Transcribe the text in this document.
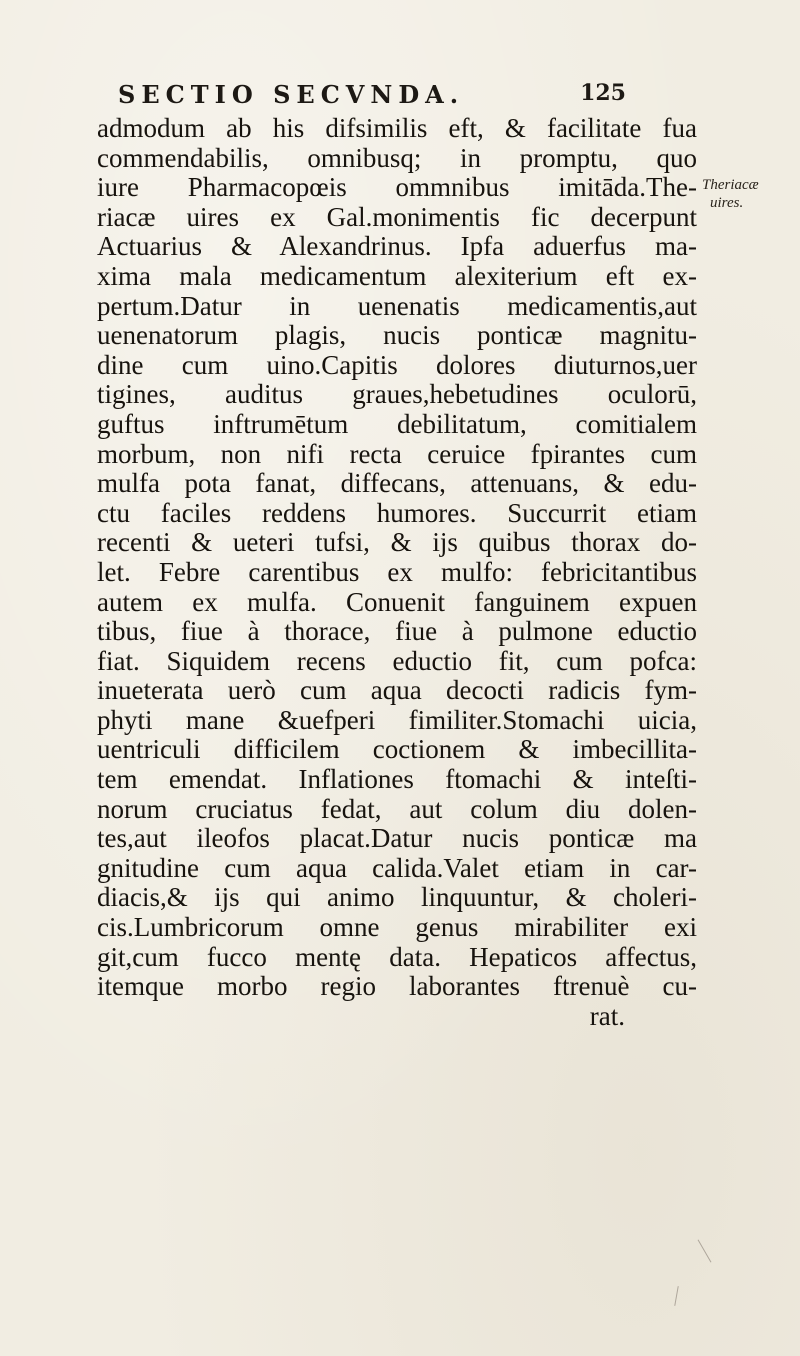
SECTIO SECVNDA.	125
Theriacæ
uires.
admodum ab his difsimilis eft, & facilitate fua
commendabilis, omnibusq; in promptu, quo
iure Pharmacopœis ommnibus imitāda.The-
riacæ uires ex Gal.monimentis fic decerpunt
Actuarius & Alexandrinus. Ipfa aduerfus ma-
xima mala medicamentum alexiterium eft ex-
pertum.Datur in uenenatis medicamentis,aut
uenenatorum plagis, nucis ponticæ magnitu-
dine cum uino.Capitis dolores diuturnos,uer
tigines, auditus graues,hebetudines oculorū,
guftus inftrumētum debilitatum, comitialem
morbum, non nifi recta ceruice fpirantes cum
mulfa pota fanat, diffecans, attenuans, & edu-
ctu faciles reddens humores. Succurrit etiam
recenti & ueteri tufsi, & ijs quibus thorax do-
let. Febre carentibus ex mulfo: febricitantibus
autem ex mulfa. Conuenit fanguinem expuen
tibus, fiue à thorace, fiue à pulmone eductio
fiat. Siquidem recens eductio fit, cum pofca:
inueterata uerò cum aqua decocti radicis fym-
phyti mane &uefperi fimiliter.Stomachi uicia,
uentriculi difficilem coctionem & imbecillita-
tem emendat. Inflationes ftomachi & inteſti-
norum cruciatus fedat, aut colum diu dolen-
tes,aut ileofos placat.Datur nucis ponticæ ma
gnitudine cum aqua calida.Valet etiam in car-
diacis,& ijs qui animo linquuntur, & choleri-
cis.Lumbricorum omne genus mirabiliter exi
git,cum fucco mentę data. Hepaticos affectus,
itemque morbo regio laborantes ftrenuè cu-
rat.
